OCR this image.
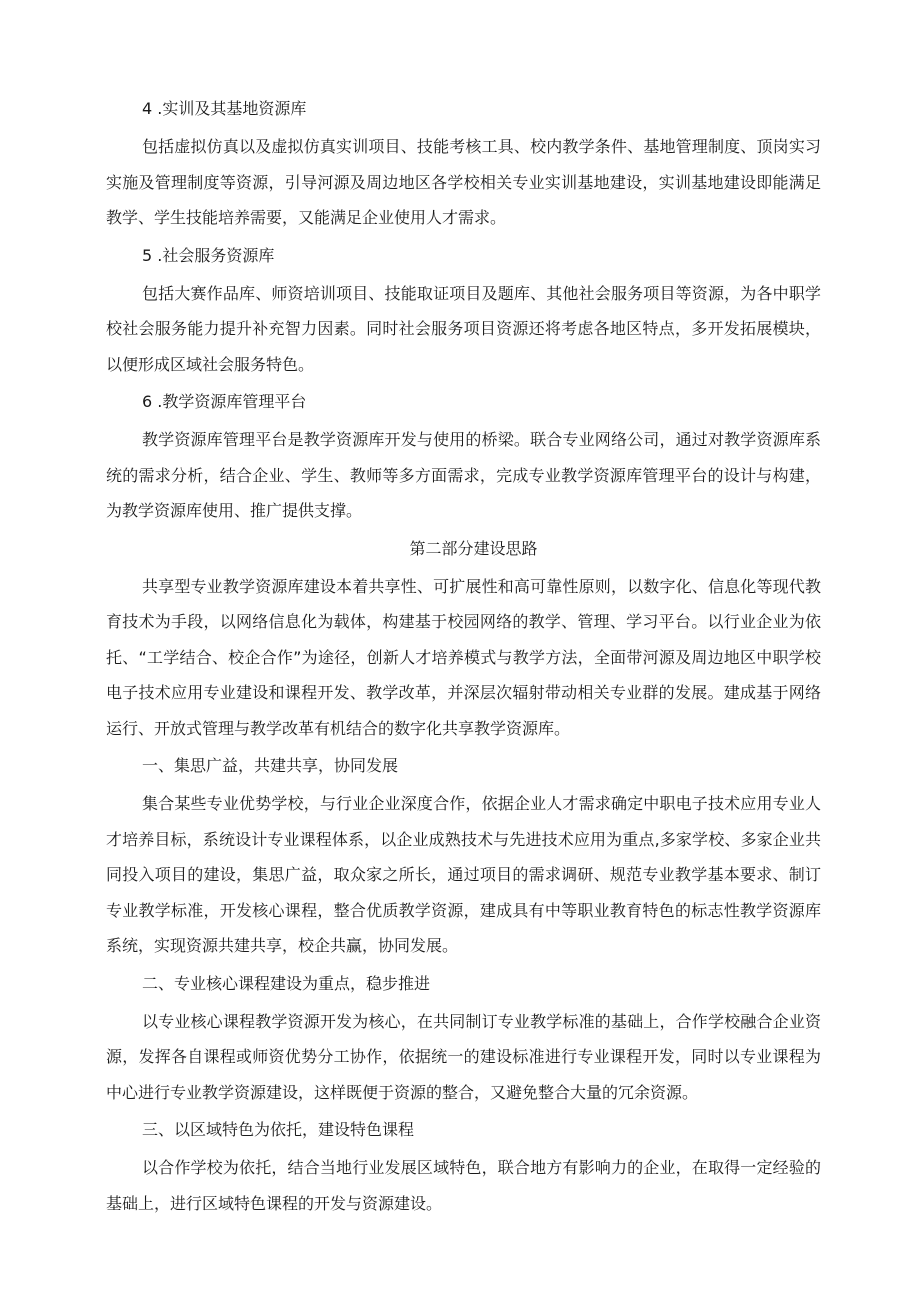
4 .实训及其基地资源库
包括虚拟仿真以及虚拟仿真实训项目、技能考核工具、校内教学条件、基地管理制度、顶岗实习实施及管理制度等资源，引导河源及周边地区各学校相关专业实训基地建设，实训基地建设即能满足教学、学生技能培养需要，又能满足企业使用人才需求。
5 .社会服务资源库
包括大赛作品库、师资培训项目、技能取证项目及题库、其他社会服务项目等资源，为各中职学校社会服务能力提升补充智力因素。同时社会服务项目资源还将考虑各地区特点，多开发拓展模块，以便形成区域社会服务特色。
6 .教学资源库管理平台
教学资源库管理平台是教学资源库开发与使用的桥梁。联合专业网络公司，通过对教学资源库系统的需求分析，结合企业、学生、教师等多方面需求，完成专业教学资源库管理平台的设计与构建，为教学资源库使用、推广提供支撑。
第二部分建设思路
共享型专业教学资源库建设本着共享性、可扩展性和高可靠性原则，以数字化、信息化等现代教育技术为手段，以网络信息化为载体，构建基于校园网络的教学、管理、学习平台。以行业企业为依托、“工学结合、校企合作”为途径，创新人才培养模式与教学方法，全面带河源及周边地区中职学校电子技术应用专业建设和课程开发、教学改革，并深层次辐射带动相关专业群的发展。建成基于网络运行、开放式管理与教学改革有机结合的数字化共享教学资源库。
一、集思广益，共建共享，协同发展
集合某些专业优势学校，与行业企业深度合作，依据企业人才需求确定中职电子技术应用专业人才培养目标，系统设计专业课程体系，以企业成熟技术与先进技术应用为重点,多家学校、多家企业共同投入项目的建设，集思广益，取众家之所长，通过项目的需求调研、规范专业教学基本要求、制订专业教学标准，开发核心课程，整合优质教学资源，建成具有中等职业教育特色的标志性教学资源库系统，实现资源共建共享，校企共赢，协同发展。
二、专业核心课程建设为重点，稳步推进
以专业核心课程教学资源开发为核心，在共同制订专业教学标准的基础上，合作学校融合企业资源，发挥各自课程或师资优势分工协作，依据统一的建设标准进行专业课程开发，同时以专业课程为中心进行专业教学资源建设，这样既便于资源的整合，又避免整合大量的冗余资源。
三、以区域特色为依托，建设特色课程
以合作学校为依托，结合当地行业发展区域特色，联合地方有影响力的企业，在取得一定经验的基础上，进行区域特色课程的开发与资源建设。
